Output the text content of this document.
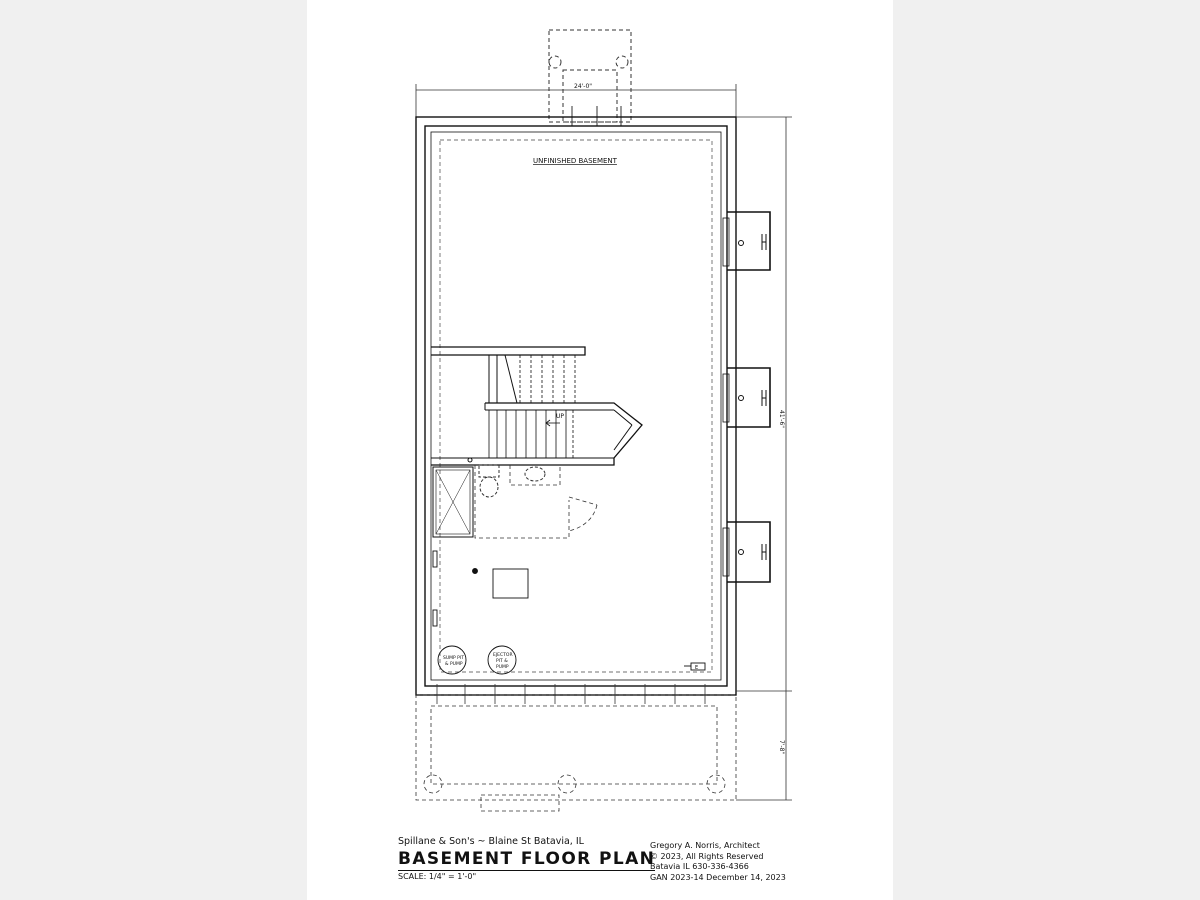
24'-0"
UNFINISHED BASEMENT
UP
SUMP PIT
& PUMP
EJECTOR
PIT &
PUMP	E
41'-6"
7'-8"
Spillane & Son's ~ Blaine St Batavia, IL
BASEMENT FLOOR PLAN
SCALE: 1/4" = 1'-0"
Gregory A. Norris, Architect
© 2023, All Rights Reserved
Batavia IL 630-336-4366
GAN 2023-14 December 14, 2023
